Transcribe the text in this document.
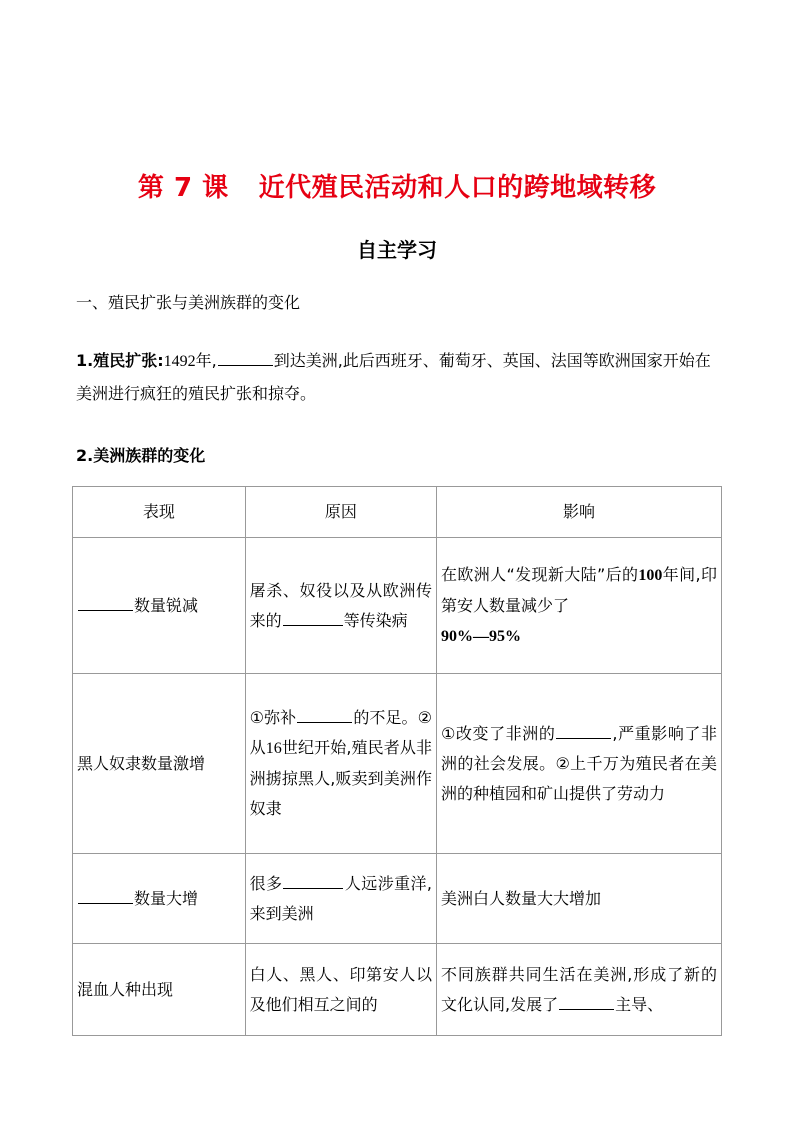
第 7 课 近代殖民活动和人口的跨地域转移
自主学习
一、殖民扩张与美洲族群的变化
1.殖民扩张:1492年,	到达美洲,此后西班牙、葡萄牙、英国、法国等欧洲国家开始在美洲进行疯狂的殖民扩张和掠夺。
2.美洲族群的变化
表现	原因	影响
数量锐减	屠杀、奴役以及从欧洲传来的 等传染病	在欧洲人“发现新大陆”后的100年间,印第安人数量减少了
90%—95%
黑人奴隶数量激增	①弥补 的不足。②从16世纪开始,殖民者从非洲掳掠黑人,贩卖到美洲作奴隶	①改变了非洲的 ,严重影响了非洲的社会发展。②上千万为殖民者在美洲的种植园和矿山提供了劳动力
数量大增	很多 人远涉重洋,来到美洲	美洲白人数量大大增加
混血人种出现	白人、黑人、印第安人以及他们相互之间的	不同族群共同生活在美洲,形成了新的文化认同,发展了 主导、
